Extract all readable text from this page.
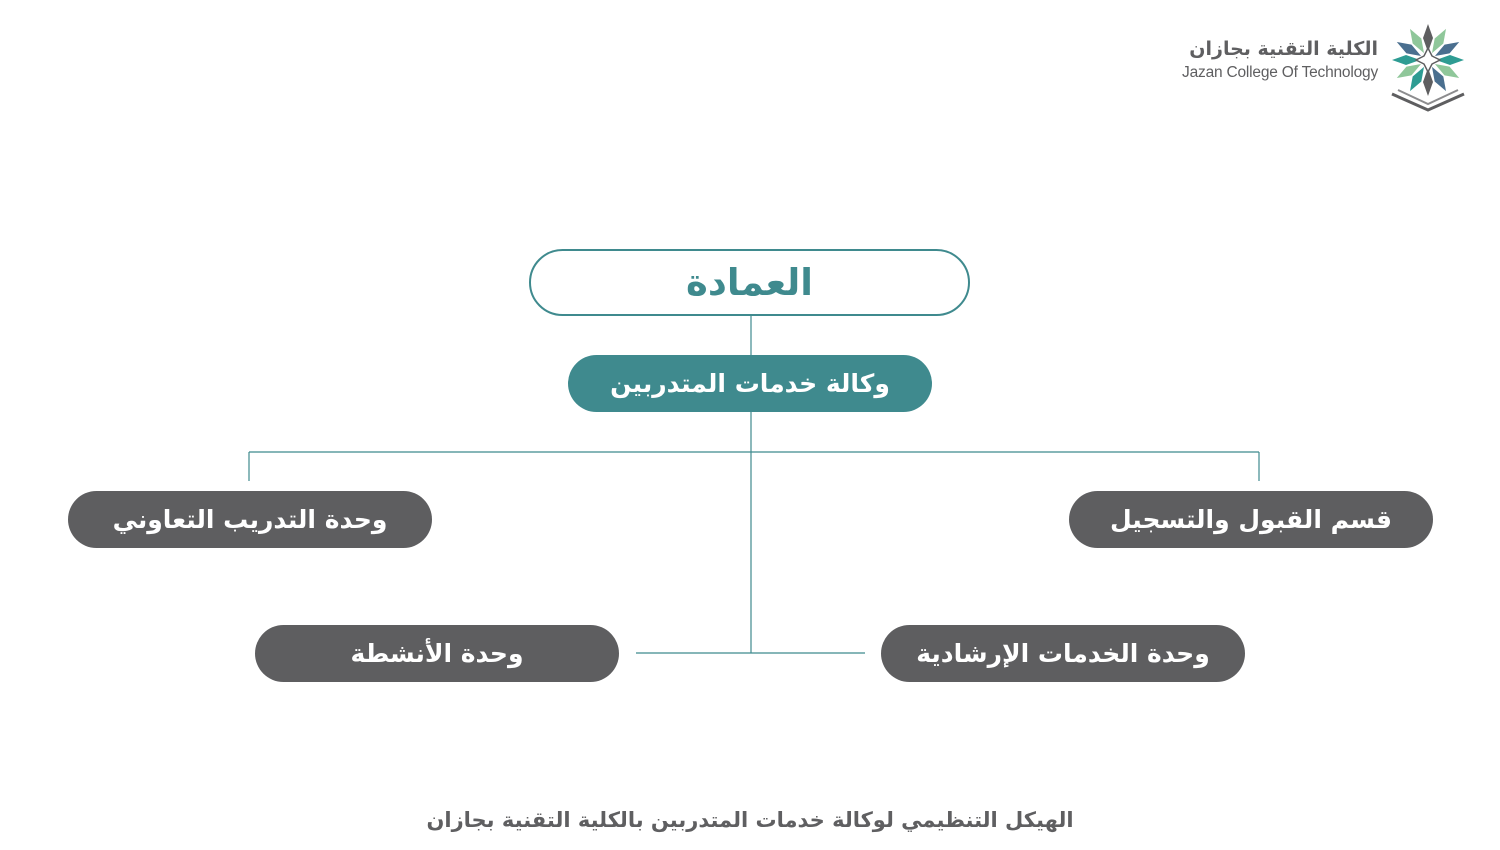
الكلية التقنية بجازان
Jazan College Of Technology
العمادة
وكالة خدمات المتدربين
قسم القبول والتسجيل
وحدة التدريب التعاوني
وحدة الخدمات الإرشادية
وحدة الأنشطة
الهيكل التنظيمي لوكالة خدمات المتدربين بالكلية التقنية بجازان
